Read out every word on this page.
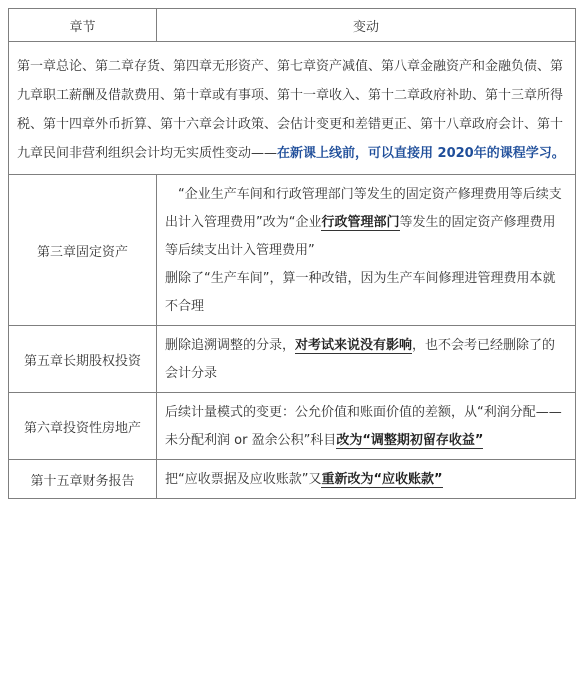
章节	变动
第一章总论、第二章存货、第四章无形资产、第七章资产减值、第八章金融资产和金融负债、第九章职工薪酬及借款费用、第十章或有事项、第十一章收入、第十二章政府补助、第十三章所得税、第十四章外币折算、第十六章会计政策、会估计变更和差错更正、第十八章政府会计、第十九章民间非营利组织会计均无实质性变动——在新课上线前，可以直接用 2020年的课程学习。	
第三章固定资产	“企业生产车间和行政管理部门等发生的固定资产修理费用等后续支出计入管理费用”改为“企业行政管理部门等发生的固定资产修理费用等后续支出计入管理费用”
删除了“生产车间”，算一种改错，因为生产车间修理进管理费用本就不合理

第五章长期股权投资	删除追溯调整的分录，对考试来说没有影响，也不会考已经删除了的会计分录
第六章投资性房地产	后续计量模式的变更：公允价值和账面价值的差额，从“利润分配——未分配利润 or 盈余公积”科目改为“调整期初留存收益”
第十五章财务报告	把“应收票据及应收账款”又重新改为“应收账款”
